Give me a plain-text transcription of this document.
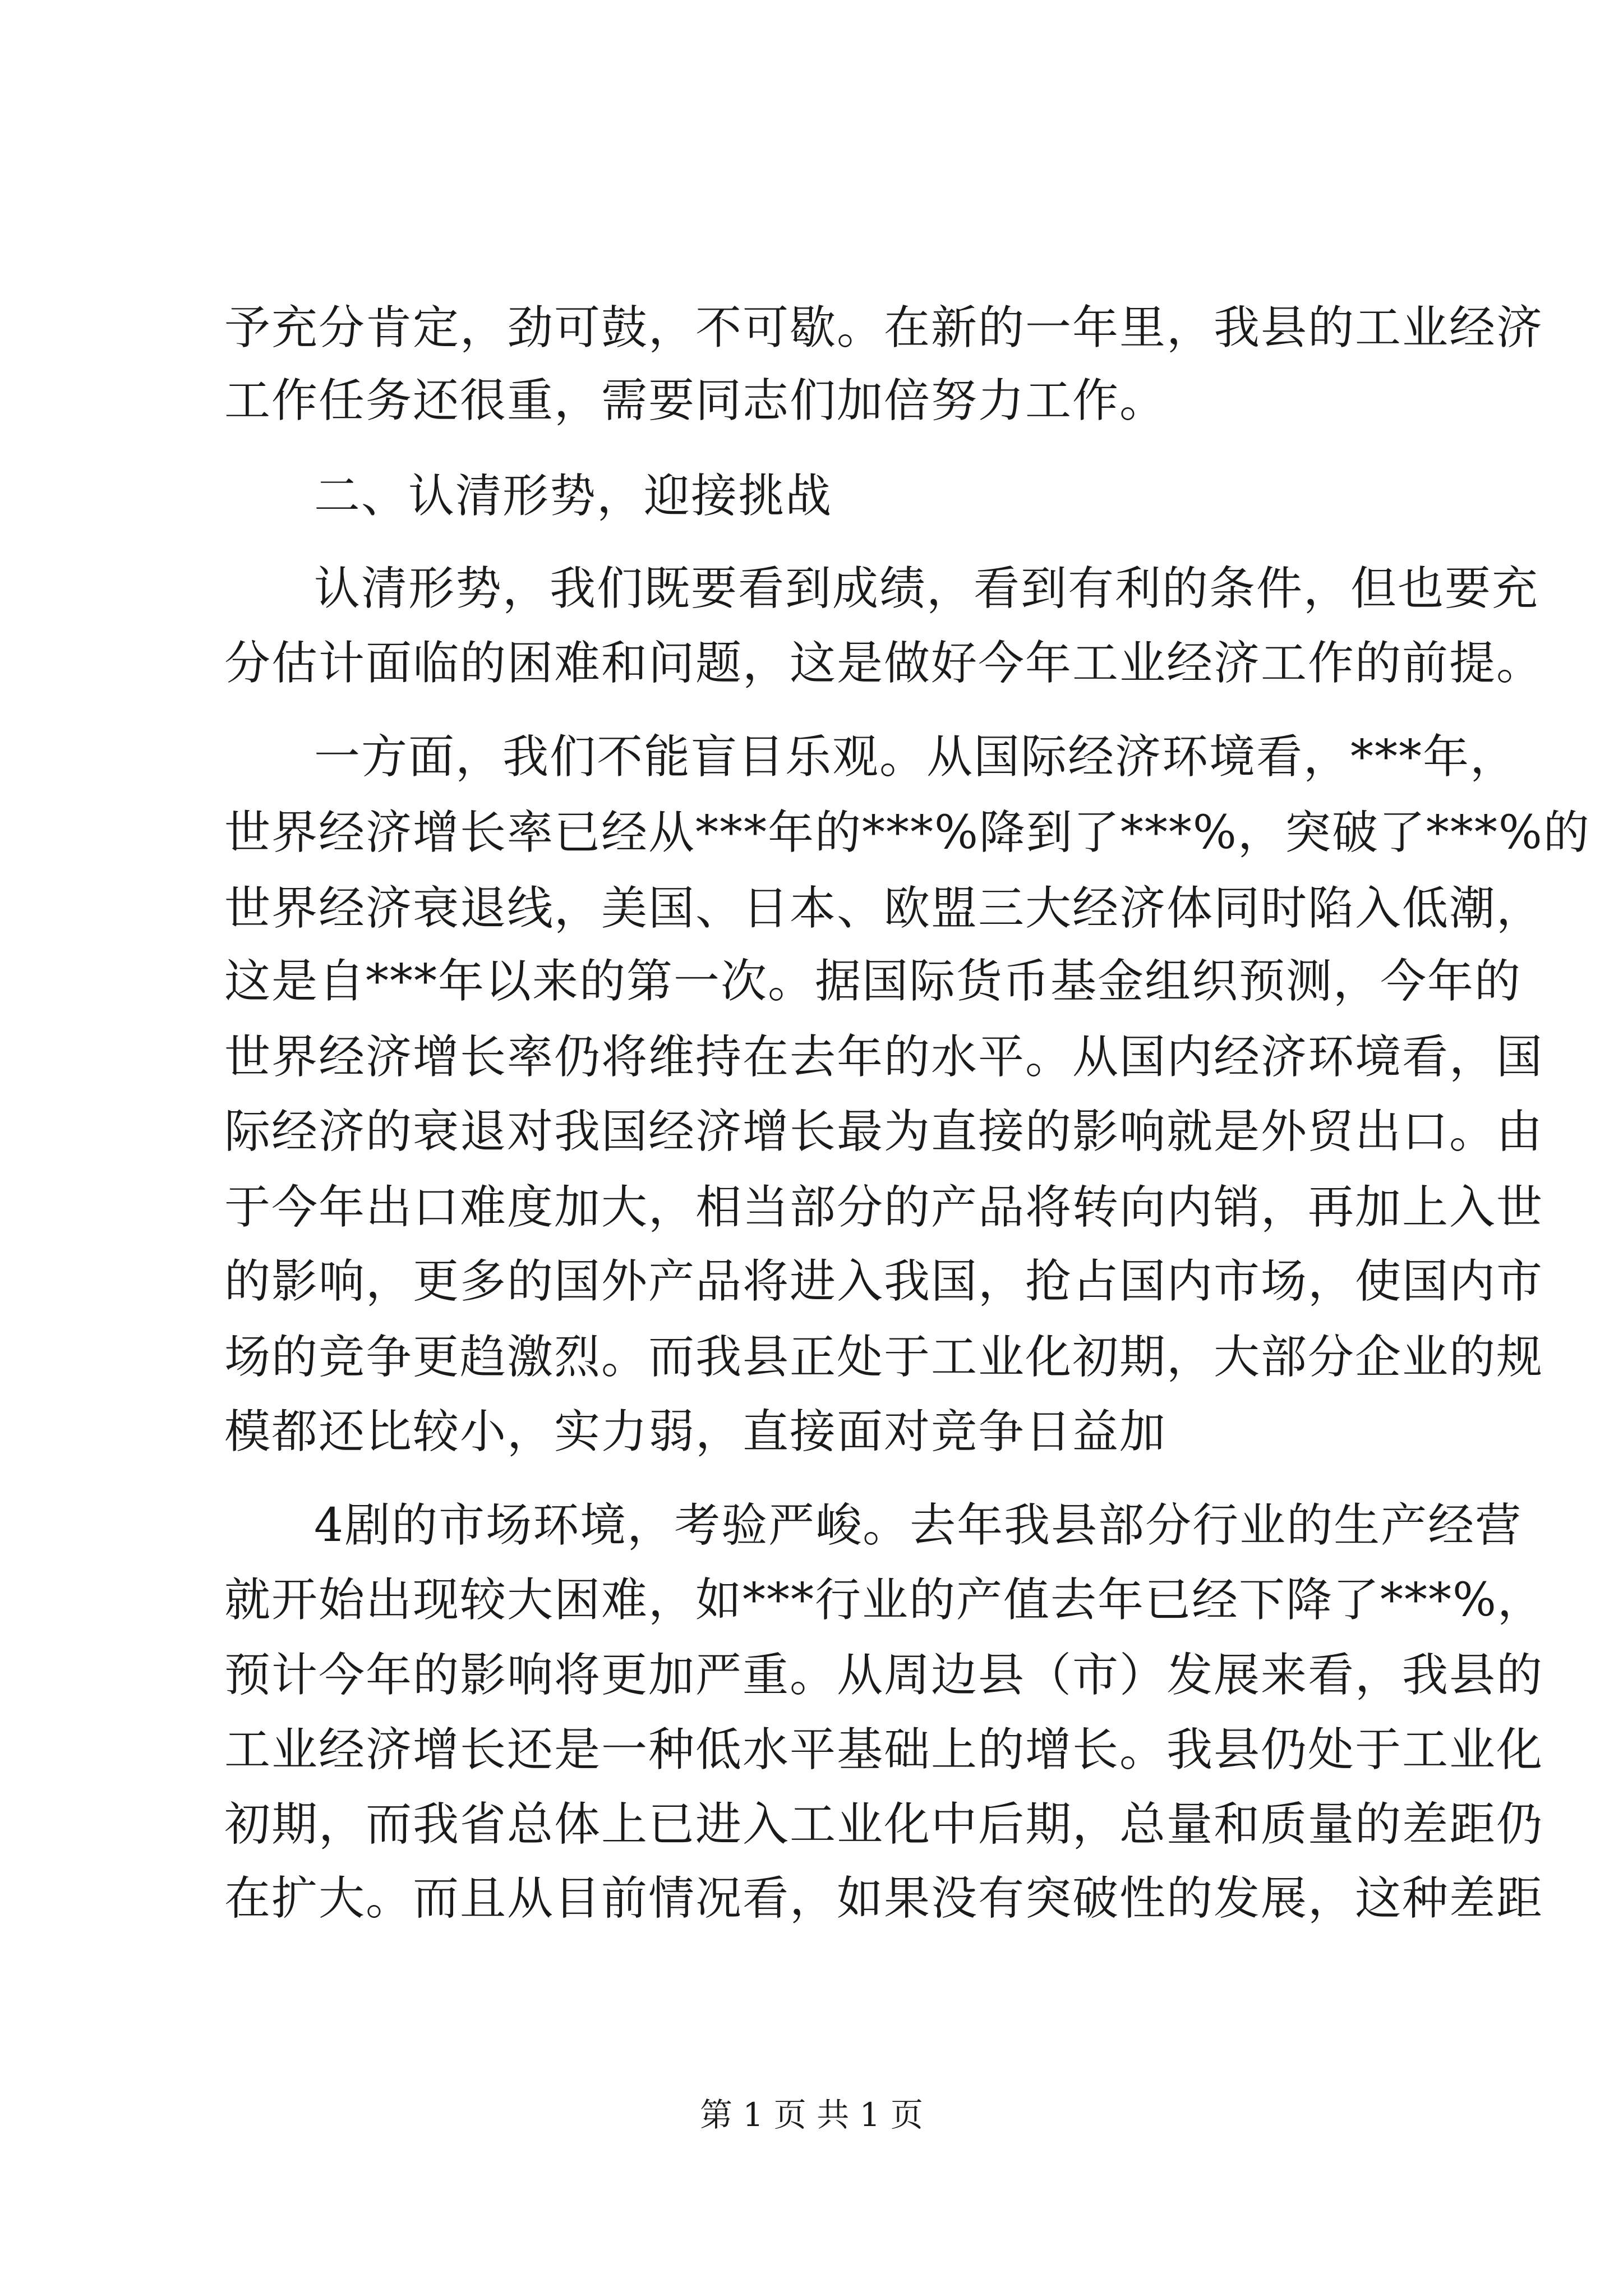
予充分肯定，劲可鼓，不可歇。在新的一年里，我县的工业经济
工作任务还很重，需要同志们加倍努力工作。
二、认清形势，迎接挑战
认清形势，我们既要看到成绩，看到有利的条件，但也要充
分估计面临的困难和问题，这是做好今年工业经济工作的前提。
一方面，我们不能盲目乐观。从国际经济环境看，***年，
世界经济增长率已经从***年的***%降到了***%，突破了***%的
世界经济衰退线，美国、日本、欧盟三大经济体同时陷入低潮，
这是自***年以来的第一次。据国际货币基金组织预测，今年的
世界经济增长率仍将维持在去年的水平。从国内经济环境看，国
际经济的衰退对我国经济增长最为直接的影响就是外贸出口。由
于今年出口难度加大，相当部分的产品将转向内销，再加上入世
的影响，更多的国外产品将进入我国，抢占国内市场，使国内市
场的竞争更趋激烈。而我县正处于工业化初期，大部分企业的规
模都还比较小，实力弱，直接面对竞争日益加
4剧的市场环境，考验严峻。去年我县部分行业的生产经营
就开始出现较大困难，如***行业的产值去年已经下降了***%，
预计今年的影响将更加严重。从周边县（市）发展来看，我县的
工业经济增长还是一种低水平基础上的增长。我县仍处于工业化
初期，而我省总体上已进入工业化中后期，总量和质量的差距仍
在扩大。而且从目前情况看，如果没有突破性的发展，这种差距
第 1 页 共 1 页
